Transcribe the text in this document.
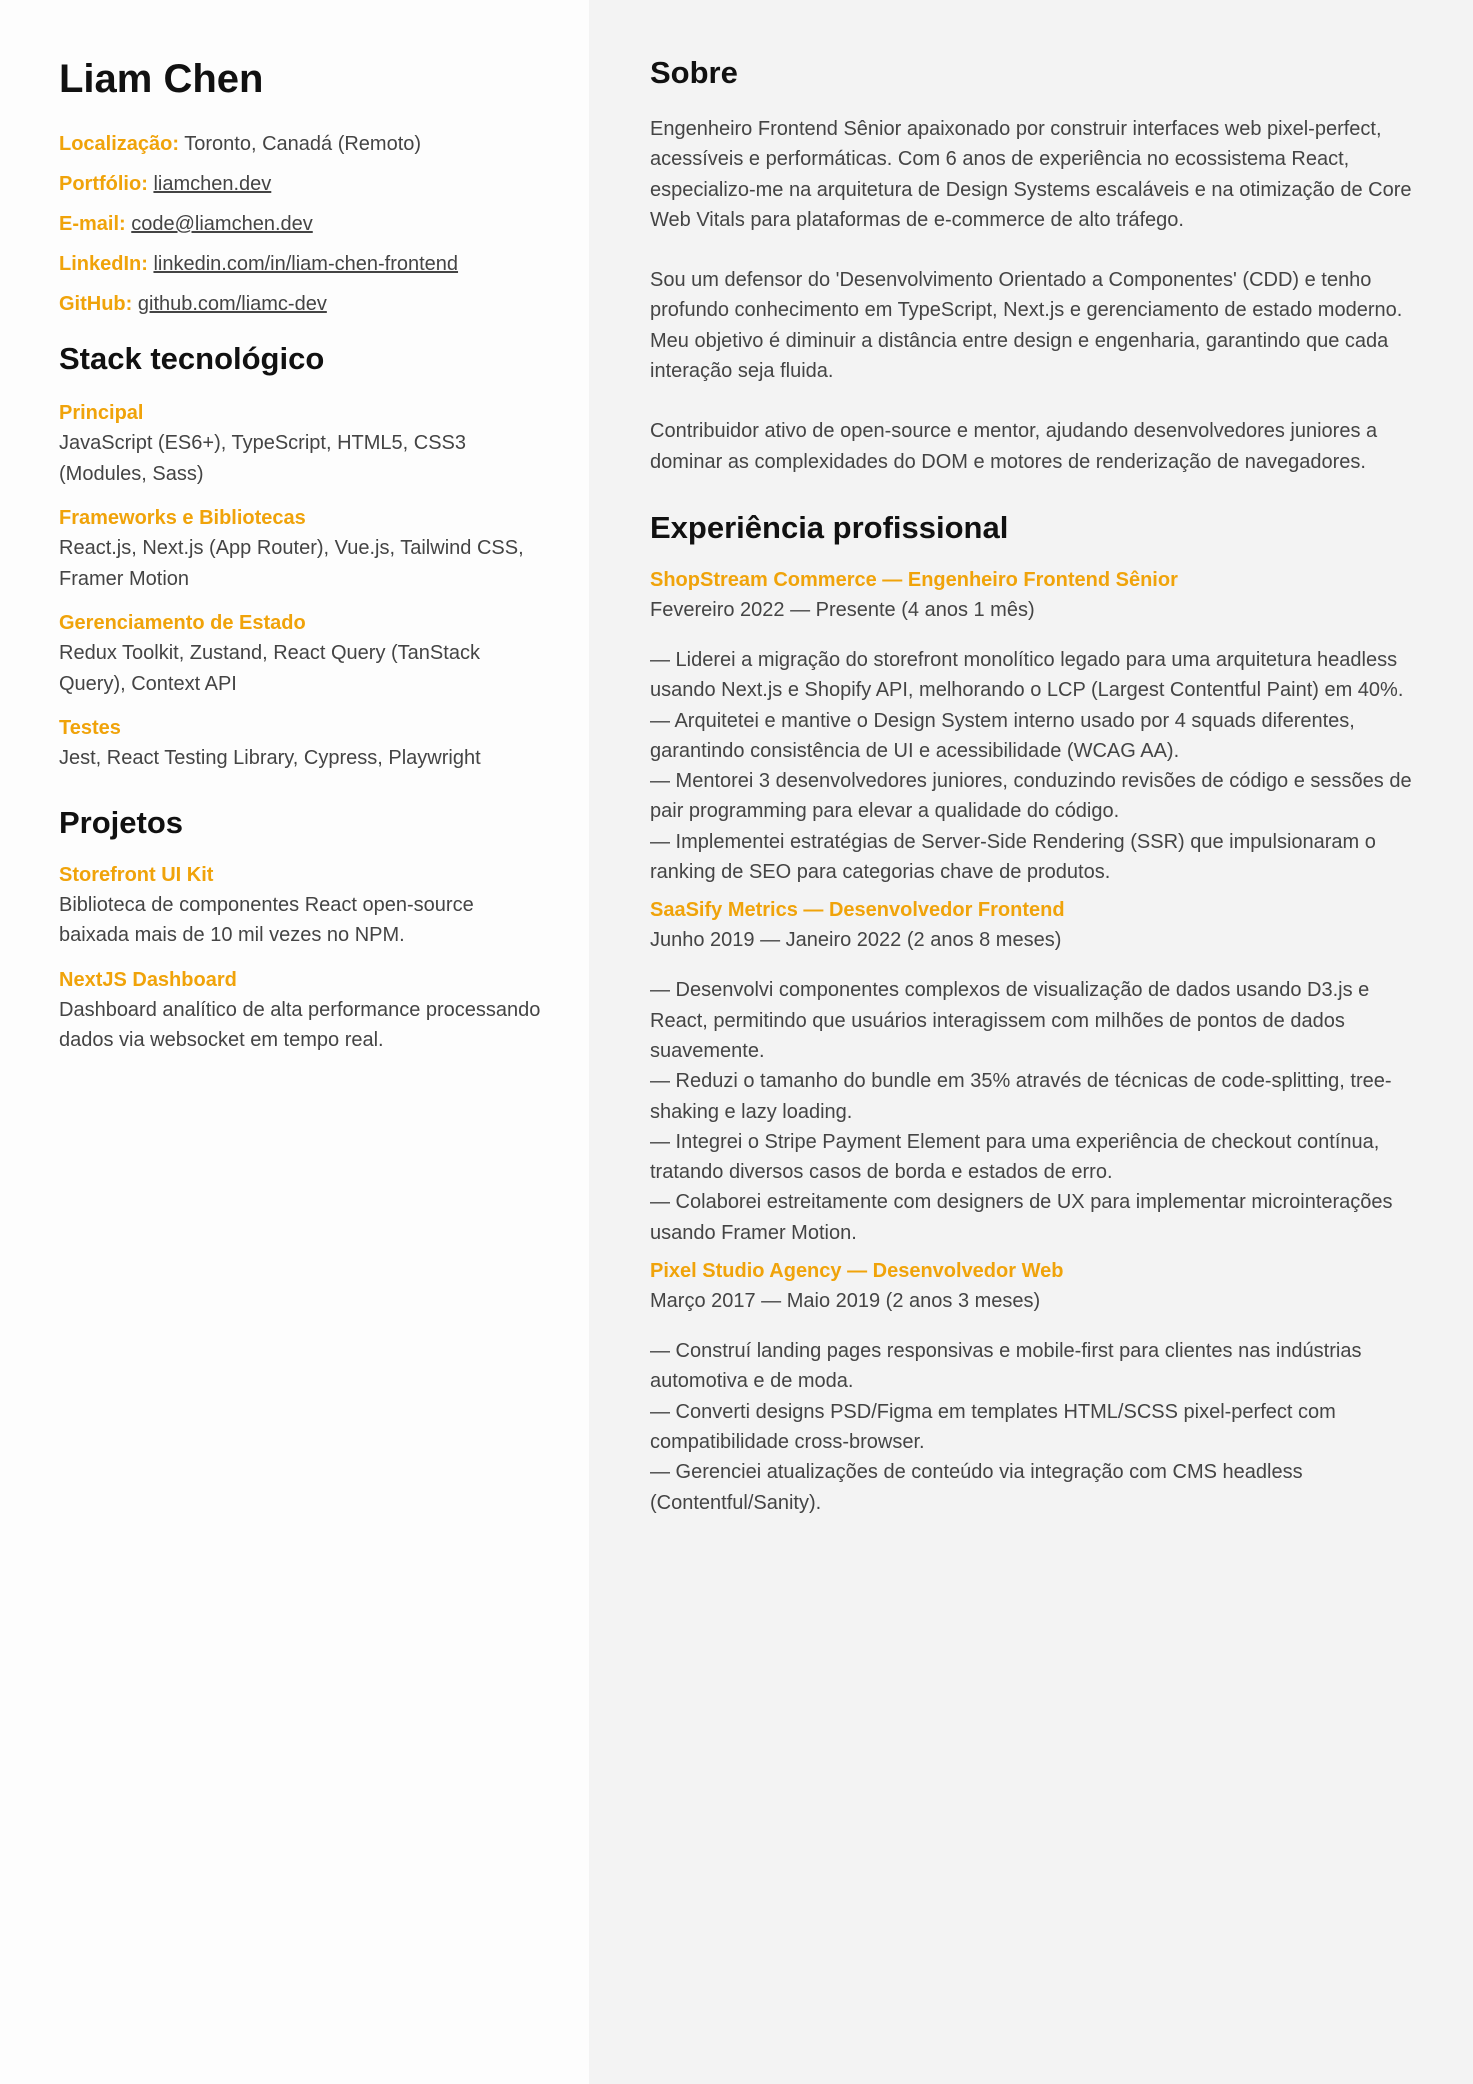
Liam Chen
Localização: Toronto, Canadá (Remoto)
Portfólio: liamchen.dev
E-mail: code@liamchen.dev
LinkedIn: linkedin.com/in/liam-chen-frontend
GitHub: github.com/liamc-dev
Stack tecnológico
Principal
JavaScript (ES6+), TypeScript, HTML5, CSS3 (Modules, Sass)
Frameworks e Bibliotecas
React.js, Next.js (App Router), Vue.js, Tailwind CSS, Framer Motion
Gerenciamento de Estado
Redux Toolkit, Zustand, React Query (TanStack Query), Context API
Testes
Jest, React Testing Library, Cypress, Playwright
Projetos
Storefront UI Kit
Biblioteca de componentes React open-source baixada mais de 10 mil vezes no NPM.
NextJS Dashboard
Dashboard analítico de alta performance processando dados via websocket em tempo real.
Sobre

Engenheiro Frontend Sênior apaixonado por construir interfaces web pixel-perfect, acessíveis e performáticas. Com 6 anos de experiência no ecossistema React, especializo-me na arquitetura de Design Systems escaláveis e na otimização de Core Web Vitals para plataformas de e-commerce de alto tráfego.

Sou um defensor do 'Desenvolvimento Orientado a Componentes' (CDD) e tenho profundo conhecimento em TypeScript, Next.js e gerenciamento de estado moderno. Meu objetivo é diminuir a distância entre design e engenharia, garantindo que cada interação seja fluida.

Contribuidor ativo de open-source e mentor, ajudando desenvolvedores juniores a dominar as complexidades do DOM e motores de renderização de navegadores.

Experiência profissional
ShopStream Commerce — Engenheiro Frontend Sênior
Fevereiro 2022 — Presente (4 anos 1 mês)
— Liderei a migração do storefront monolítico legado para uma arquitetura headless usando Next.js e Shopify API, melhorando o LCP (Largest Contentful Paint) em 40%.
— Arquitetei e mantive o Design System interno usado por 4 squads diferentes, garantindo consistência de UI e acessibilidade (WCAG AA).
— Mentorei 3 desenvolvedores juniores, conduzindo revisões de código e sessões de pair programming para elevar a qualidade do código.
— Implementei estratégias de Server-Side Rendering (SSR) que impulsionaram o ranking de SEO para categorias chave de produtos.
SaaSify Metrics — Desenvolvedor Frontend
Junho 2019 — Janeiro 2022 (2 anos 8 meses)
— Desenvolvi componentes complexos de visualização de dados usando D3.js e React, permitindo que usuários interagissem com milhões de pontos de dados suavemente.
— Reduzi o tamanho do bundle em 35% através de técnicas de code-splitting, tree-shaking e lazy loading.
— Integrei o Stripe Payment Element para uma experiência de checkout contínua, tratando diversos casos de borda e estados de erro.
— Colaborei estreitamente com designers de UX para implementar microinterações usando Framer Motion.
Pixel Studio Agency — Desenvolvedor Web
Março 2017 — Maio 2019 (2 anos 3 meses)
— Construí landing pages responsivas e mobile-first para clientes nas indústrias automotiva e de moda.
— Converti designs PSD/Figma em templates HTML/SCSS pixel-perfect com compatibilidade cross-browser.
— Gerenciei atualizações de conteúdo via integração com CMS headless (Contentful/Sanity).
